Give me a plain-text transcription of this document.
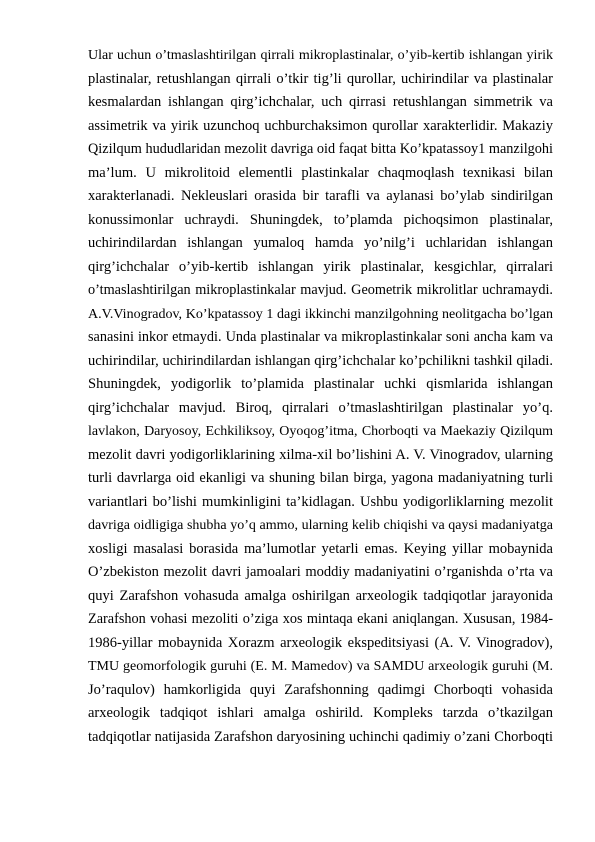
Ular uchun o’tmaslashtirilgan qirrali mikroplastinalar, o’yib-kertib ishlangan yirik
plastinalar, retushlangan qirrali o’tkir tig’li qurollar, uchirindilar va plastinalar
kesmalardan ishlangan qirg’ichchalar, uch qirrasi retushlangan simmetrik va
assimetrik va yirik uzunchoq uchburchaksimon qurollar xarakterlidir. Makaziy
Qizilqum hududlaridan mezolit davriga oid faqat bitta Ko’kpatassoy1 manzilgohi
ma’lum. U mikrolitoid elementli plastinkalar chaqmoqlash texnikasi bilan
xarakterlanadi. Nekleuslari orasida bir tarafli va aylanasi bo’ylab sindirilgan
konussimonlar uchraydi. Shuningdek, to’plamda pichoqsimon plastinalar,
uchirindilardan ishlangan yumaloq hamda yo’nilg’i uchlaridan ishlangan
qirg’ichchalar o’yib-kertib ishlangan yirik plastinalar, kesgichlar, qirralari
o’tmaslashtirilgan mikroplastinkalar mavjud. Geometrik mikrolitlar uchramaydi.
A.V.Vinogradov, Ko’kpatassoy 1 dagi ikkinchi manzilgohning neolitgacha bo’lgan
sanasini inkor etmaydi. Unda plastinalar va mikroplastinkalar soni ancha kam va
uchirindilar, uchirindilardan ishlangan qirg’ichchalar ko’pchilikni tashkil qiladi.
Shuningdek, yodigorlik to’plamida plastinalar uchki qismlarida ishlangan
qirg’ichchalar mavjud. Biroq, qirralari o’tmaslashtirilgan plastinalar yo’q.
lavlakon, Daryosoy, Echkiliksoy, Oyoqog’itma, Chorboqti va Maekaziy Qizilqum
mezolit davri yodigorliklarining xilma-xil bo’lishini A. V. Vinogradov, ularning
turli davrlarga oid ekanligi va shuning bilan birga, yagona madaniyatning turli
variantlari bo’lishi mumkinligini ta’kidlagan. Ushbu yodigorliklarning mezolit
davriga oidligiga shubha yo’q ammo, ularning kelib chiqishi va qaysi madaniyatga
xosligi masalasi borasida ma’lumotlar yetarli emas. Keying yillar mobaynida
O’zbekiston mezolit davri jamoalari moddiy madaniyatini o’rganishda o’rta va
quyi Zarafshon vohasuda amalga oshirilgan arxeologik tadqiqotlar jarayonida
Zarafshon vohasi mezoliti o’ziga xos mintaqa ekani aniqlangan. Xususan, 1984-
1986-yillar mobaynida Xorazm arxeologik ekspeditsiyasi (A. V. Vinogradov),
TMU geomorfologik guruhi (E. M. Mamedov) va SAMDU arxeologik guruhi (M.
Jo’raqulov) hamkorligida quyi Zarafshonning qadimgi Chorboqti vohasida
arxeologik tadqiqot ishlari amalga oshirild. Kompleks tarzda o’tkazilgan
tadqiqotlar natijasida Zarafshon daryosining uchinchi qadimiy o’zani Chorboqti
